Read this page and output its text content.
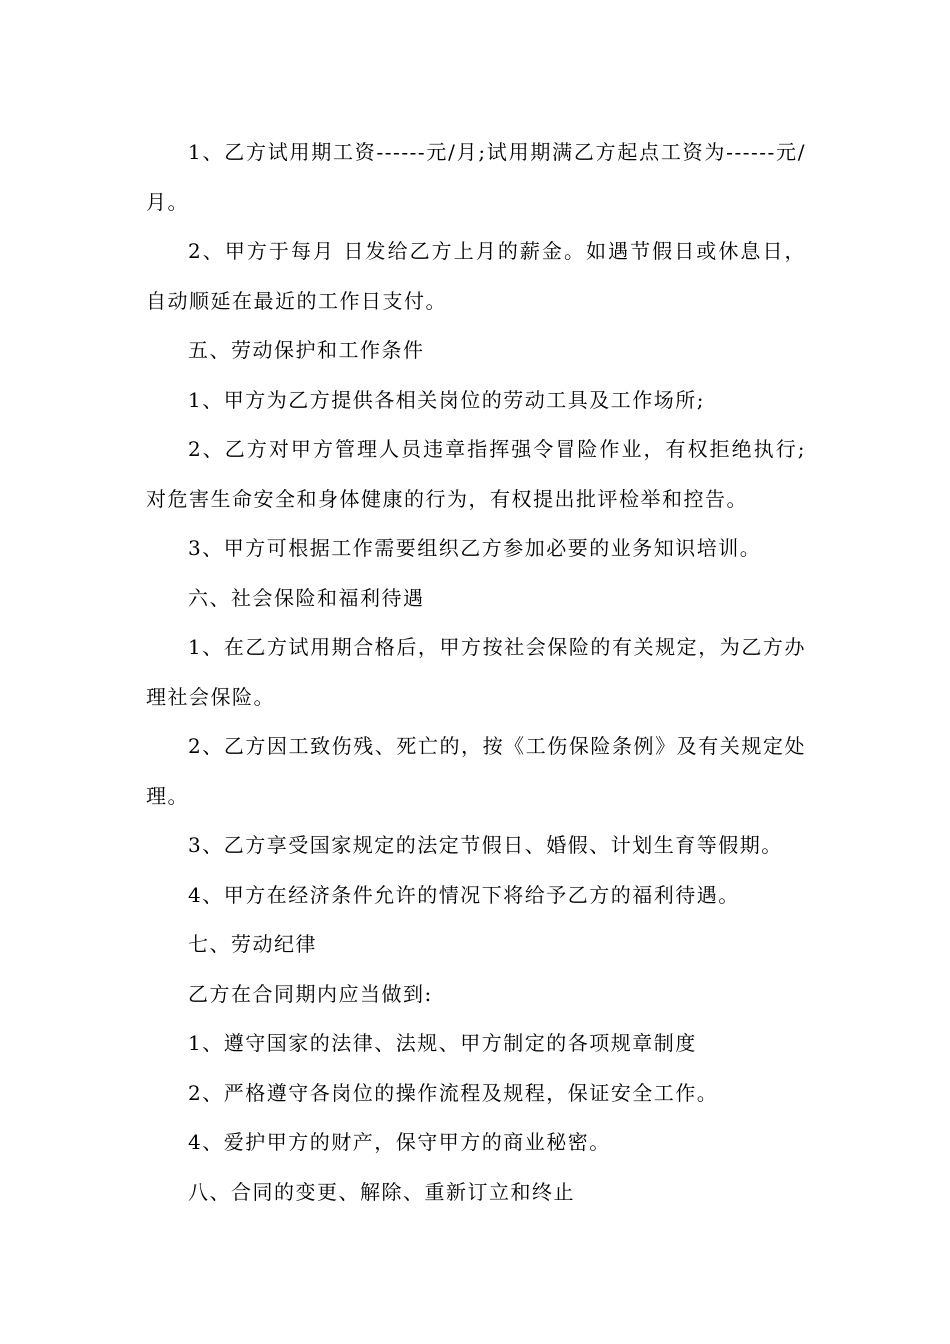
1、乙方试用期工资------元/月;试用期满乙方起点工资为------元/月。

2、甲方于每月 日发给乙方上月的薪金。如遇节假日或休息日，自动顺延在最近的工作日支付。

五、劳动保护和工作条件

1、甲方为乙方提供各相关岗位的劳动工具及工作场所;

2、乙方对甲方管理人员违章指挥强令冒险作业，有权拒绝执行;对危害生命安全和身体健康的行为，有权提出批评检举和控告。

3、甲方可根据工作需要组织乙方参加必要的业务知识培训。

六、社会保险和福利待遇

1、在乙方试用期合格后，甲方按社会保险的有关规定，为乙方办理社会保险。

2、乙方因工致伤残、死亡的，按《工伤保险条例》及有关规定处理。

3、乙方享受国家规定的法定节假日、婚假、计划生育等假期。

4、甲方在经济条件允许的情况下将给予乙方的福利待遇。

七、劳动纪律

乙方在合同期内应当做到:

1、遵守国家的法律、法规、甲方制定的各项规章制度

2、严格遵守各岗位的操作流程及规程，保证安全工作。

4、爱护甲方的财产，保守甲方的商业秘密。

八、合同的变更、解除、重新订立和终止
